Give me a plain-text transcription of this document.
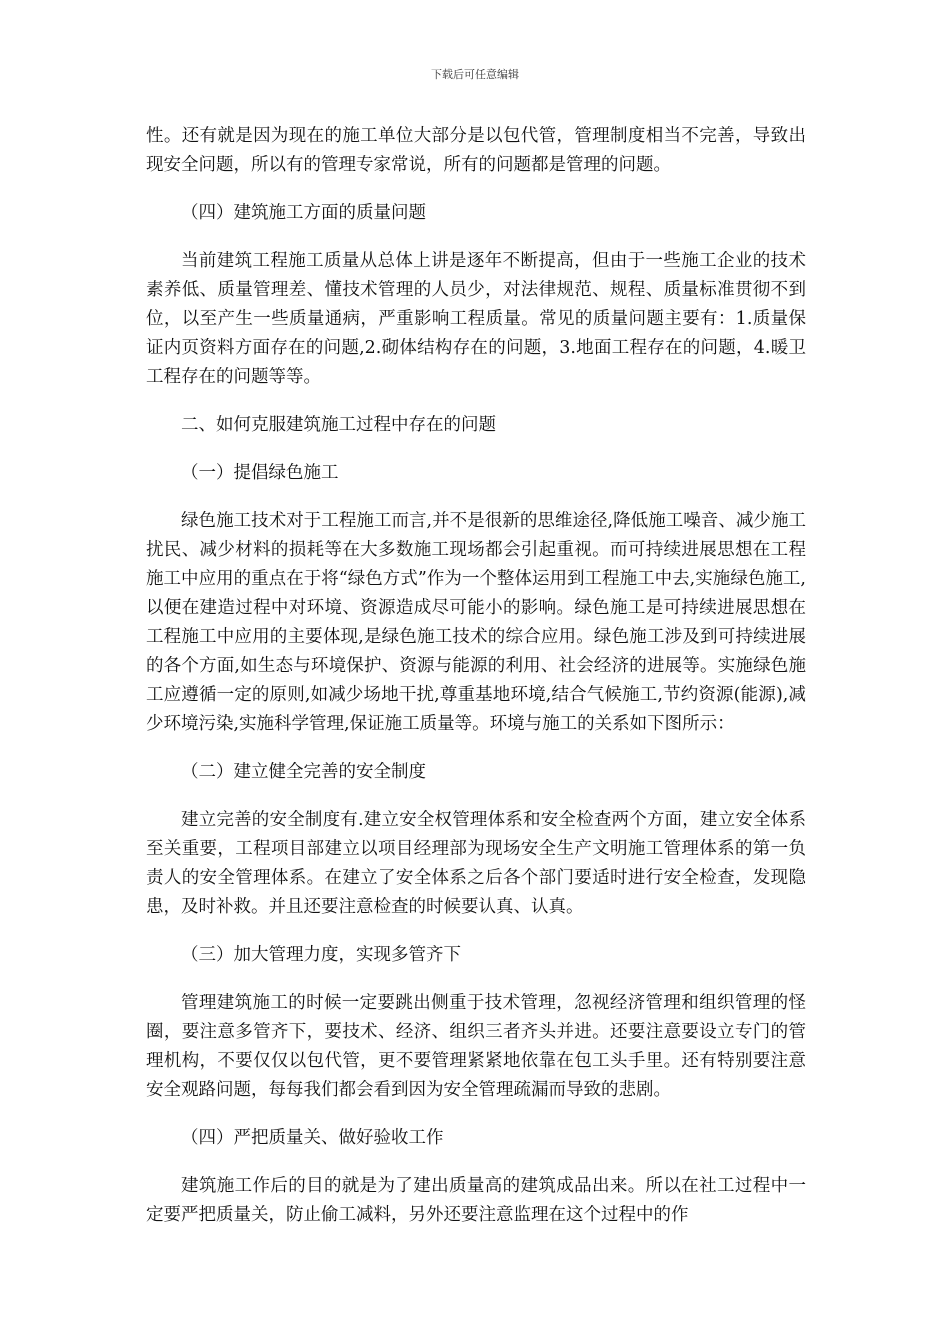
下载后可任意编辑

性。还有就是因为现在的施工单位大部分是以包代管，管理制度相当不完善，导致出现安全问题，所以有的管理专家常说，所有的问题都是管理的问题。

（四）建筑施工方面的质量问题

当前建筑工程施工质量从总体上讲是逐年不断提高，但由于一些施工企业的技术素养低、质量管理差、懂技术管理的人员少，对法律规范、规程、质量标准贯彻不到位，以至产生一些质量通病，严重影响工程质量。常见的质量问题主要有：1.质量保证内页资料方面存在的问题,2.砌体结构存在的问题，3.地面工程存在的问题，4.暖卫工程存在的问题等等。

二、如何克服建筑施工过程中存在的问题

（一）提倡绿色施工

绿色施工技术对于工程施工而言,并不是很新的思维途径,降低施工噪音、减少施工扰民、减少材料的损耗等在大多数施工现场都会引起重视。而可持续进展思想在工程施工中应用的重点在于将“绿色方式”作为一个整体运用到工程施工中去,实施绿色施工,以便在建造过程中对环境、资源造成尽可能小的影响。绿色施工是可持续进展思想在工程施工中应用的主要体现,是绿色施工技术的综合应用。绿色施工涉及到可持续进展的各个方面,如生态与环境保护、资源与能源的利用、社会经济的进展等。实施绿色施工应遵循一定的原则,如减少场地干扰,尊重基地环境,结合气候施工,节约资源(能源),减少环境污染,实施科学管理,保证施工质量等。环境与施工的关系如下图所示：

（二）建立健全完善的安全制度

建立完善的安全制度有.建立安全权管理体系和安全检查两个方面，建立安全体系至关重要，工程项目部建立以项目经理部为现场安全生产文明施工管理体系的第一负责人的安全管理体系。在建立了安全体系之后各个部门要适时进行安全检查，发现隐患，及时补救。并且还要注意检查的时候要认真、认真。

（三）加大管理力度，实现多管齐下

管理建筑施工的时候一定要跳出侧重于技术管理，忽视经济管理和组织管理的怪圈，要注意多管齐下，要技术、经济、组织三者齐头并进。还要注意要设立专门的管理机构，不要仅仅以包代管，更不要管理紧紧地依靠在包工头手里。还有特别要注意安全观路问题，每每我们都会看到因为安全管理疏漏而导致的悲剧。

（四）严把质量关、做好验收工作

建筑施工作后的目的就是为了建出质量高的建筑成品出来。所以在社工过程中一定要严把质量关，防止偷工减料，另外还要注意监理在这个过程中的作
